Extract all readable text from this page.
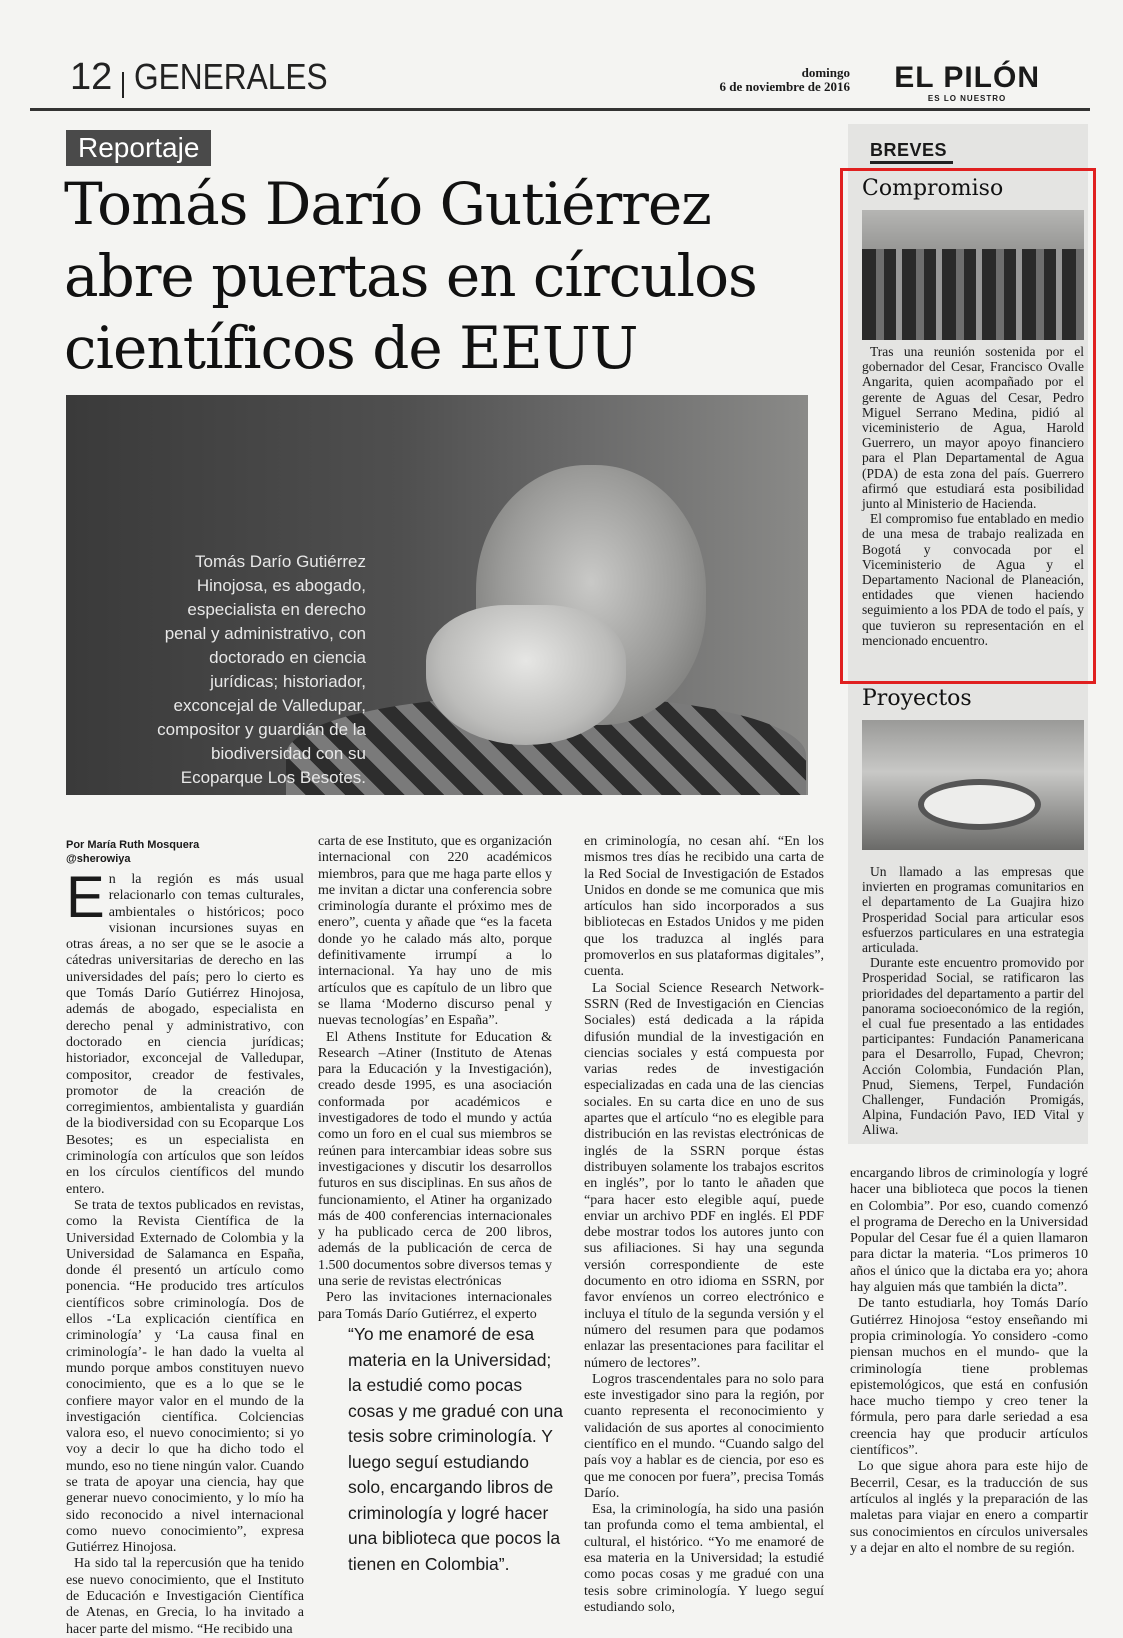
12 GENERALES	domingo
6 de noviembre de 2016 EL PILÓN
ES LO NUESTRO
Reportaje
Tomás Darío Gutiérrez
abre puertas en círculos
científicos de EEUU
Tomás Darío Gutiérrez Hinojosa, es abogado, especialista en derecho penal y administrativo, con doctorado en ciencia jurídicas; historiador, exconcejal de Valledupar, compositor y guardián de la biodiversidad con su Ecoparque Los Besotes.
Por María Ruth Mosquera
@sherowiya

En la región es más usual relacionarlo con temas culturales, ambientales o históricos; poco visionan incursiones suyas en otras áreas, a no ser que se le asocie a cátedras universitarias de derecho en las universidades del país; pero lo cierto es que Tomás Darío Gutiérrez Hinojosa, además de abogado, especialista en derecho penal y administrativo, con doctorado en ciencia jurídicas; historiador, exconcejal de Valledupar, compositor, creador de festivales, promotor de la creación de corregimientos, ambientalista y guardián de la biodiversidad con su Ecoparque Los Besotes; es un especialista en criminología con artículos que son leídos en los círculos científicos del mundo entero.

Se trata de textos publicados en revistas, como la Revista Científica de la Universidad Externado de Colombia y la Universidad de Salamanca en España, donde él presentó un artículo como ponencia. “He producido tres artículos científicos sobre criminología. Dos de ellos -‘La explicación científica en criminología’ y ‘La causa final en criminología’- le han dado la vuelta al mundo porque ambos constituyen nuevo conocimiento, que es a lo que se le confiere mayor valor en el mundo de la investigación científica. Colciencias valora eso, el nuevo conocimiento; si yo voy a decir lo que ha dicho todo el mundo, eso no tiene ningún valor. Cuando se trata de apoyar una ciencia, hay que generar nuevo conocimiento, y lo mío ha sido reconocido a nivel internacional como nuevo conocimiento”, expresa Gutiérrez Hinojosa.

Ha sido tal la repercusión que ha tenido ese nuevo conocimiento, que el Instituto de Educación e Investigación Científica de Atenas, en Grecia, lo ha invitado a hacer parte del mismo. “He recibido una

carta de ese Instituto, que es organización internacional con 220 académicos miembros, para que me haga parte ellos y me invitan a dictar una conferencia sobre criminología durante el próximo mes de enero”, cuenta y añade que “es la faceta donde yo he calado más alto, porque definitivamente irrumpí a lo internacional. Ya hay uno de mis artículos que es capítulo de un libro que se llama ‘Moderno discurso penal y nuevas tecnologías’ en España”.

El Athens Institute for Education & Research –Atiner (Instituto de Atenas para la Educación y la Investigación), creado desde 1995, es una asociación conformada por académicos e investigadores de todo el mundo y actúa como un foro en el cual sus miembros se reúnen para intercambiar ideas sobre sus investigaciones y discutir los desarrollos futuros en sus disciplinas. En sus años de funcionamiento, el Atiner ha organizado más de 400 conferencias internacionales y ha publicado cerca de 200 libros, además de la publicación de cerca de 1.500 documentos sobre diversos temas y una serie de revistas electrónicas

Pero las invitaciones internacionales para Tomás Darío Gutiérrez, el experto

“Yo me enamoré de esa materia en la Universidad; la estudié como pocas cosas y me gradué con una tesis sobre criminología. Y luego seguí estudiando solo, encargando libros de criminología y logré hacer una biblioteca que pocos la tienen en Colombia”.

en criminología, no cesan ahí. “En los mismos tres días he recibido una carta de la Red Social de Investigación de Estados Unidos en donde se me comunica que mis artículos han sido incorporados a sus bibliotecas en Estados Unidos y me piden que los traduzca al inglés para promoverlos en sus plataformas digitales”, cuenta.

La Social Science Research Network-SSRN (Red de Investigación en Ciencias Sociales) está dedicada a la rápida difusión mundial de la investigación en ciencias sociales y está compuesta por varias redes de investigación especializadas en cada una de las ciencias sociales. En su carta dice en uno de sus apartes que el artículo “no es elegible para distribución en las revistas electrónicas de inglés de la SSRN porque éstas distribuyen solamente los trabajos escritos en inglés”, por lo tanto le añaden que “para hacer esto elegible aquí, puede enviar un archivo PDF en inglés. El PDF debe mostrar todos los autores junto con sus afiliaciones. Si hay una segunda versión correspondiente de este documento en otro idioma en SSRN, por favor envíenos un correo electrónico e incluya el título de la segunda versión y el número del resumen para que podamos enlazar las presentaciones para facilitar el número de lectores”.

Logros trascendentales para no solo para este investigador sino para la región, por cuanto representa el reconocimiento y validación de sus aportes al conocimiento científico en el mundo. “Cuando salgo del país voy a hablar es de ciencia, por eso es que me conocen por fuera”, precisa Tomás Darío.

Esa, la criminología, ha sido una pasión tan profunda como el tema ambiental, el cultural, el histórico. “Yo me enamoré de esa materia en la Universidad; la estudié como pocas cosas y me gradué con una tesis sobre criminología. Y luego seguí estudiando solo,

BREVES
Compromiso

Tras una reunión sostenida por el gobernador del Cesar, Francisco Ovalle Angarita, quien acompañado por el gerente de Aguas del Cesar, Pedro Miguel Serrano Medina, pidió al viceministerio de Agua, Harold Guerrero, un mayor apoyo financiero para el Plan Departamental de Agua (PDA) de esta zona del país. Guerrero afirmó que estudiará esta posibilidad junto al Ministerio de Hacienda.

El compromiso fue entablado en medio de una mesa de trabajo realizada en Bogotá y convocada por el Viceministerio de Agua y el Departamento Nacional de Planeación, entidades que vienen haciendo seguimiento a los PDA de todo el país, y que tuvieron su representación en el mencionado encuentro.

Proyectos

Un llamado a las empresas que invierten en programas comunitarios en el departamento de La Guajira hizo Prosperidad Social para articular esos esfuerzos particulares en una estrategia articulada.

Durante este encuentro promovido por Prosperidad Social, se ratificaron las prioridades del departamento a partir del panorama socioeconómico de la región, el cual fue presentado a las entidades participantes: Fundación Panamericana para el Desarrollo, Fupad, Chevron; Acción Colombia, Fundación Plan, Pnud, Siemens, Terpel, Fundación Challenger, Fundación Promigás, Alpina, Fundación Pavo, IED Vital y Aliwa.

encargando libros de criminología y logré hacer una biblioteca que pocos la tienen en Colombia”. Por eso, cuando comenzó el programa de Derecho en la Universidad Popular del Cesar fue él a quien llamaron para dictar la materia. “Los primeros 10 años el único que la dictaba era yo; ahora hay alguien más que también la dicta”.

De tanto estudiarla, hoy Tomás Darío Gutiérrez Hinojosa “estoy enseñando mi propia criminología. Yo considero -como piensan muchos en el mundo- que la criminología tiene problemas epistemológicos, que está en confusión hace mucho tiempo y creo tener la fórmula, pero para darle seriedad a esa creencia hay que producir artículos científicos”.

Lo que sigue ahora para este hijo de Becerril, Cesar, es la traducción de sus artículos al inglés y la preparación de las maletas para viajar en enero a compartir sus conocimientos en círculos universales y a dejar en alto el nombre de su región.
